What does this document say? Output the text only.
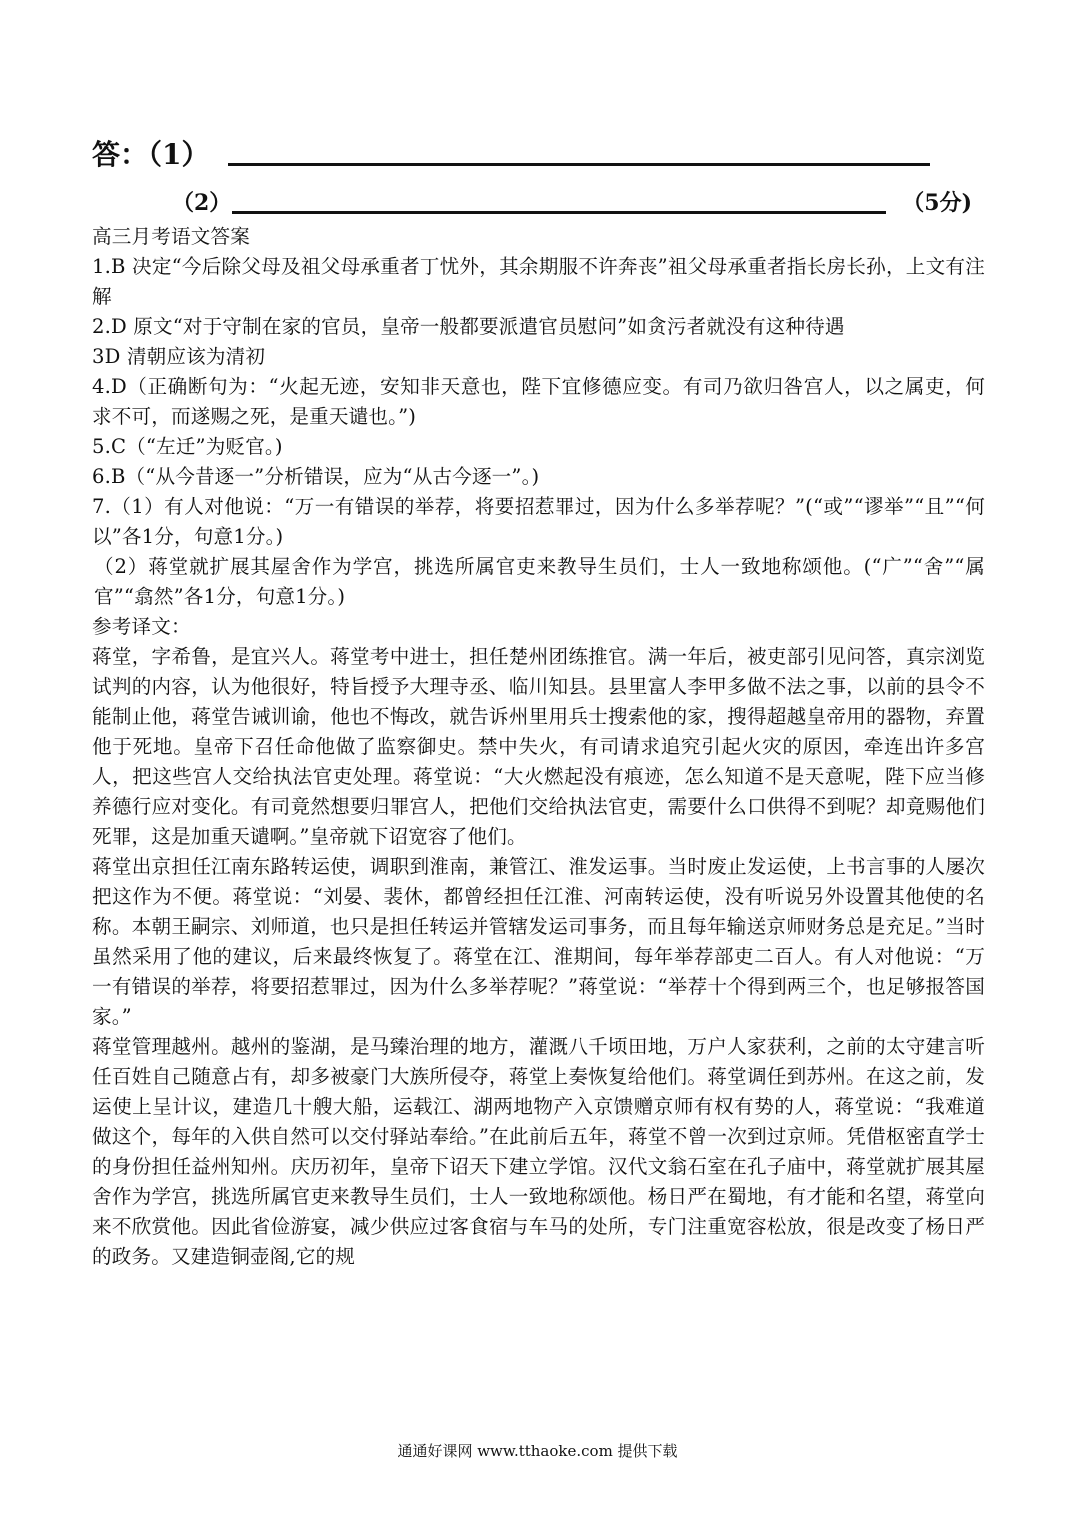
答：（1）
（2）	（5分)

高三月考语文答案

1.B 决定“今后除父母及祖父母承重者丁忧外，其余期服不许奔丧”祖父母承重者指长房长孙，上文有注解

2.D 原文“对于守制在家的官员，皇帝一般都要派遣官员慰问”如贪污者就没有这种待遇

3D 清朝应该为清初

4.D（正确断句为：“火起无迹，安知非天意也，陛下宜修德应变。有司乃欲归咎宫人，以之属吏，何求不可，而遂赐之死，是重天谴也。”)

5.C（“左迁”为贬官。)

6.B（“从今昔逐一”分析错误，应为“从古今逐一”。)

7.（1）有人对他说：“万一有错误的举荐，将要招惹罪过，因为什么多举荐呢？”(“或”“谬举”“且”“何以”各1分，句意1分。)

（2）蒋堂就扩展其屋舍作为学宫，挑选所属官吏来教导生员们，士人一致地称颂他。(“广”“舍”“属官”“翕然”各1分，句意1分。)

参考译文：

蒋堂，字希鲁，是宜兴人。蒋堂考中进士，担任楚州团练推官。满一年后，被吏部引见问答，真宗浏览试判的内容，认为他很好，特旨授予大理寺丞、临川知县。县里富人李甲多做不法之事，以前的县令不能制止他，蒋堂告诫训谕，他也不悔改，就告诉州里用兵士搜索他的家，搜得超越皇帝用的器物，弃置他于死地。皇帝下召任命他做了监察御史。禁中失火，有司请求追究引起火灾的原因，牵连出许多宫人，把这些宫人交给执法官吏处理。蒋堂说：“大火燃起没有痕迹，怎么知道不是天意呢，陛下应当修养德行应对变化。有司竟然想要归罪宫人，把他们交给执法官吏，需要什么口供得不到呢？却竟赐他们死罪，这是加重天谴啊。”皇帝就下诏宽容了他们。

蒋堂出京担任江南东路转运使，调职到淮南，兼管江、淮发运事。当时废止发运使，上书言事的人屡次把这作为不便。蒋堂说：“刘晏、裴休，都曾经担任江淮、河南转运使，没有听说另外设置其他使的名称。本朝王嗣宗、刘师道，也只是担任转运并管辖发运司事务，而且每年输送京师财务总是充足。”当时虽然采用了他的建议，后来最终恢复了。蒋堂在江、淮期间，每年举荐部吏二百人。有人对他说：“万一有错误的举荐，将要招惹罪过，因为什么多举荐呢？”蒋堂说：“举荐十个得到两三个，也足够报答国家。”

蒋堂管理越州。越州的鉴湖，是马臻治理的地方，灌溉八千顷田地，万户人家获利，之前的太守建言听任百姓自己随意占有，却多被豪门大族所侵夺，蒋堂上奏恢复给他们。蒋堂调任到苏州。在这之前，发运使上呈计议，建造几十艘大船，运载江、湖两地物产入京馈赠京师有权有势的人，蒋堂说：“我难道做这个，每年的入供自然可以交付驿站奉给。”在此前后五年，蒋堂不曾一次到过京师。凭借枢密直学士的身份担任益州知州。庆历初年，皇帝下诏天下建立学馆。汉代文翁石室在孔子庙中，蒋堂就扩展其屋舍作为学宫，挑选所属官吏来教导生员们，士人一致地称颂他。杨日严在蜀地，有才能和名望，蒋堂向来不欣赏他。因此省俭游宴，减少供应过客食宿与车马的处所，专门注重宽容松放，很是改变了杨日严的政务。又建造铜壶阁,它的规

通通好课网 www.tthaoke.com 提供下载
